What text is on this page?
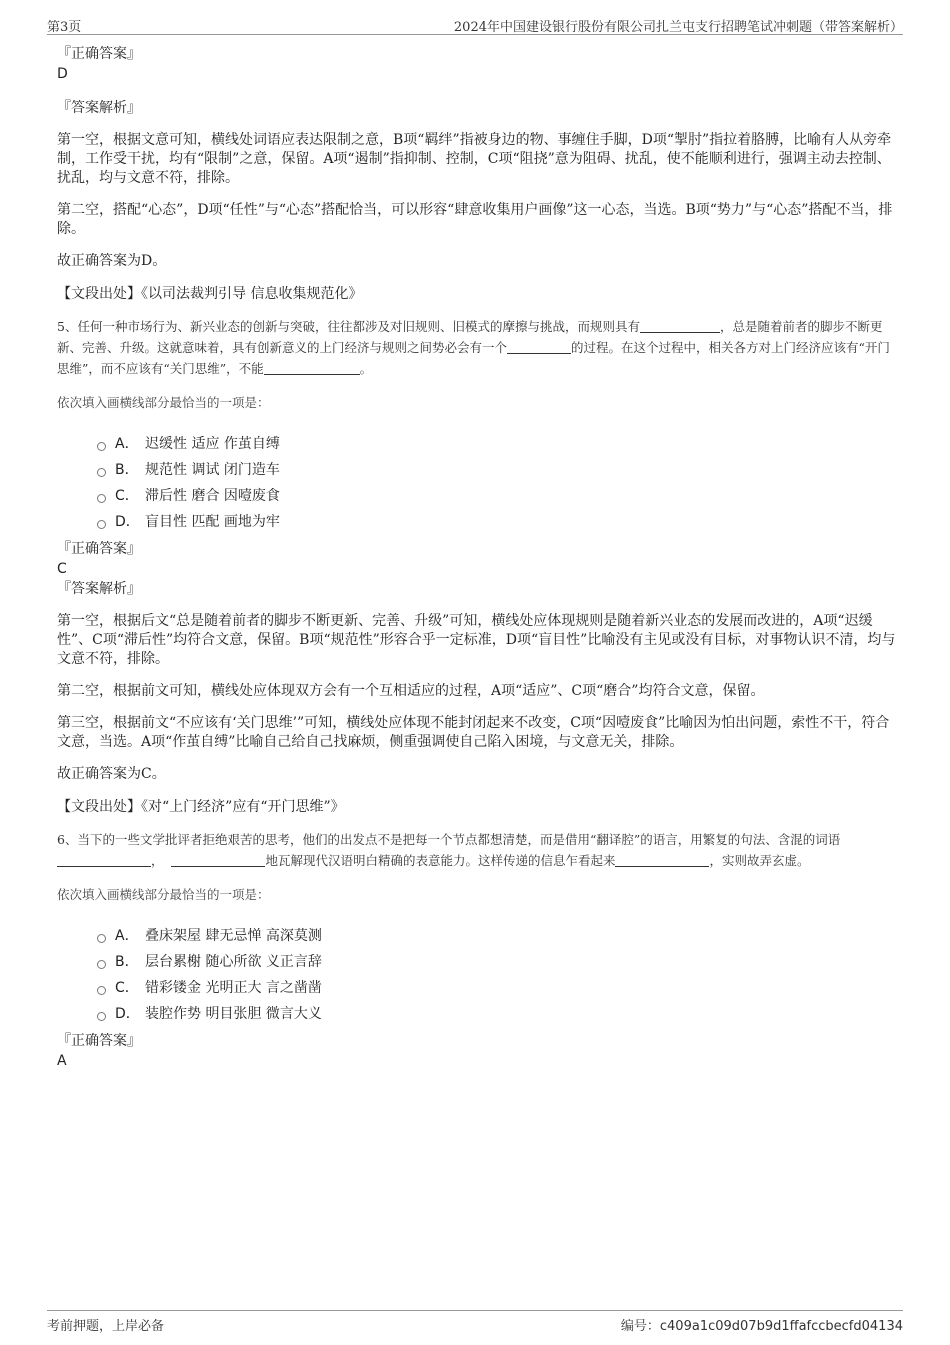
第3页	2024年中国建设银行股份有限公司扎兰屯支行招聘笔试冲刺题（带答案解析）

『正确答案』

D

『答案解析』

第一空，根据文意可知，横线处词语应表达限制之意，B项“羁绊”指被身边的物、事缠住手脚，D项“掣肘”指拉着胳膊，比喻有人从旁牵制，工作受干扰，均有“限制”之意，保留。A项“遏制”指抑制、控制，C项“阻挠”意为阻碍、扰乱，使不能顺利进行，强调主动去控制、扰乱，均与文意不符，排除。

第二空，搭配“心态”，D项“任性”与“心态”搭配恰当，可以形容“肆意收集用户画像”这一心态，当选。B项“势力”与“心态”搭配不当，排除。

故正确答案为D。

【文段出处】《以司法裁判引导 信息收集规范化》

5、任何一种市场行为、新兴业态的创新与突破，往往都涉及对旧规则、旧模式的摩擦与挑战，而规则具有	，总是随着前者的脚步不断更新、完善、升级。这就意味着，具有创新意义的上门经济与规则之间势必会有一个	的过程。在这个过程中，相关各方对上门经济应该有“开门思维”，而不应该有“关门思维”，不能	。

依次填入画横线部分最恰当的一项是：

A． 迟缓性 适应 作茧自缚
B． 规范性 调试 闭门造车
C． 滞后性 磨合 因噎废食
D． 盲目性 匹配 画地为牢

『正确答案』

C

『答案解析』

第一空，根据后文“总是随着前者的脚步不断更新、完善、升级”可知，横线处应体现规则是随着新兴业态的发展而改进的，A项“迟缓性”、C项“滞后性”均符合文意，保留。B项“规范性”形容合乎一定标准，D项“盲目性”比喻没有主见或没有目标，对事物认识不清，均与文意不符，排除。

第二空，根据前文可知，横线处应体现双方会有一个互相适应的过程，A项“适应”、C项“磨合”均符合文意，保留。

第三空，根据前文“不应该有‘关门思维’”可知，横线处应体现不能封闭起来不改变，C项“因噎废食”比喻因为怕出问题，索性不干，符合文意，当选。A项“作茧自缚”比喻自己给自己找麻烦，侧重强调使自己陷入困境，与文意无关，排除。

故正确答案为C。

【文段出处】《对“上门经济”应有“开门思维”》

6、当下的一些文学批评者拒绝艰苦的思考，他们的出发点不是把每一个节点都想清楚，而是借用“翻译腔”的语言，用繁复的句法、含混的词语，	地瓦解现代汉语明白精确的表意能力。这样传递的信息乍看起来	，实则故弄玄虚。

依次填入画横线部分最恰当的一项是：

A． 叠床架屋 肆无忌惮 高深莫测
B． 层台累榭 随心所欲 义正言辞
C． 错彩镂金 光明正大 言之凿凿
D． 装腔作势 明目张胆 微言大义

『正确答案』

A

考前押题，上岸必备	编号：c409a1c09d07b9d1ffafccbecfd04134
